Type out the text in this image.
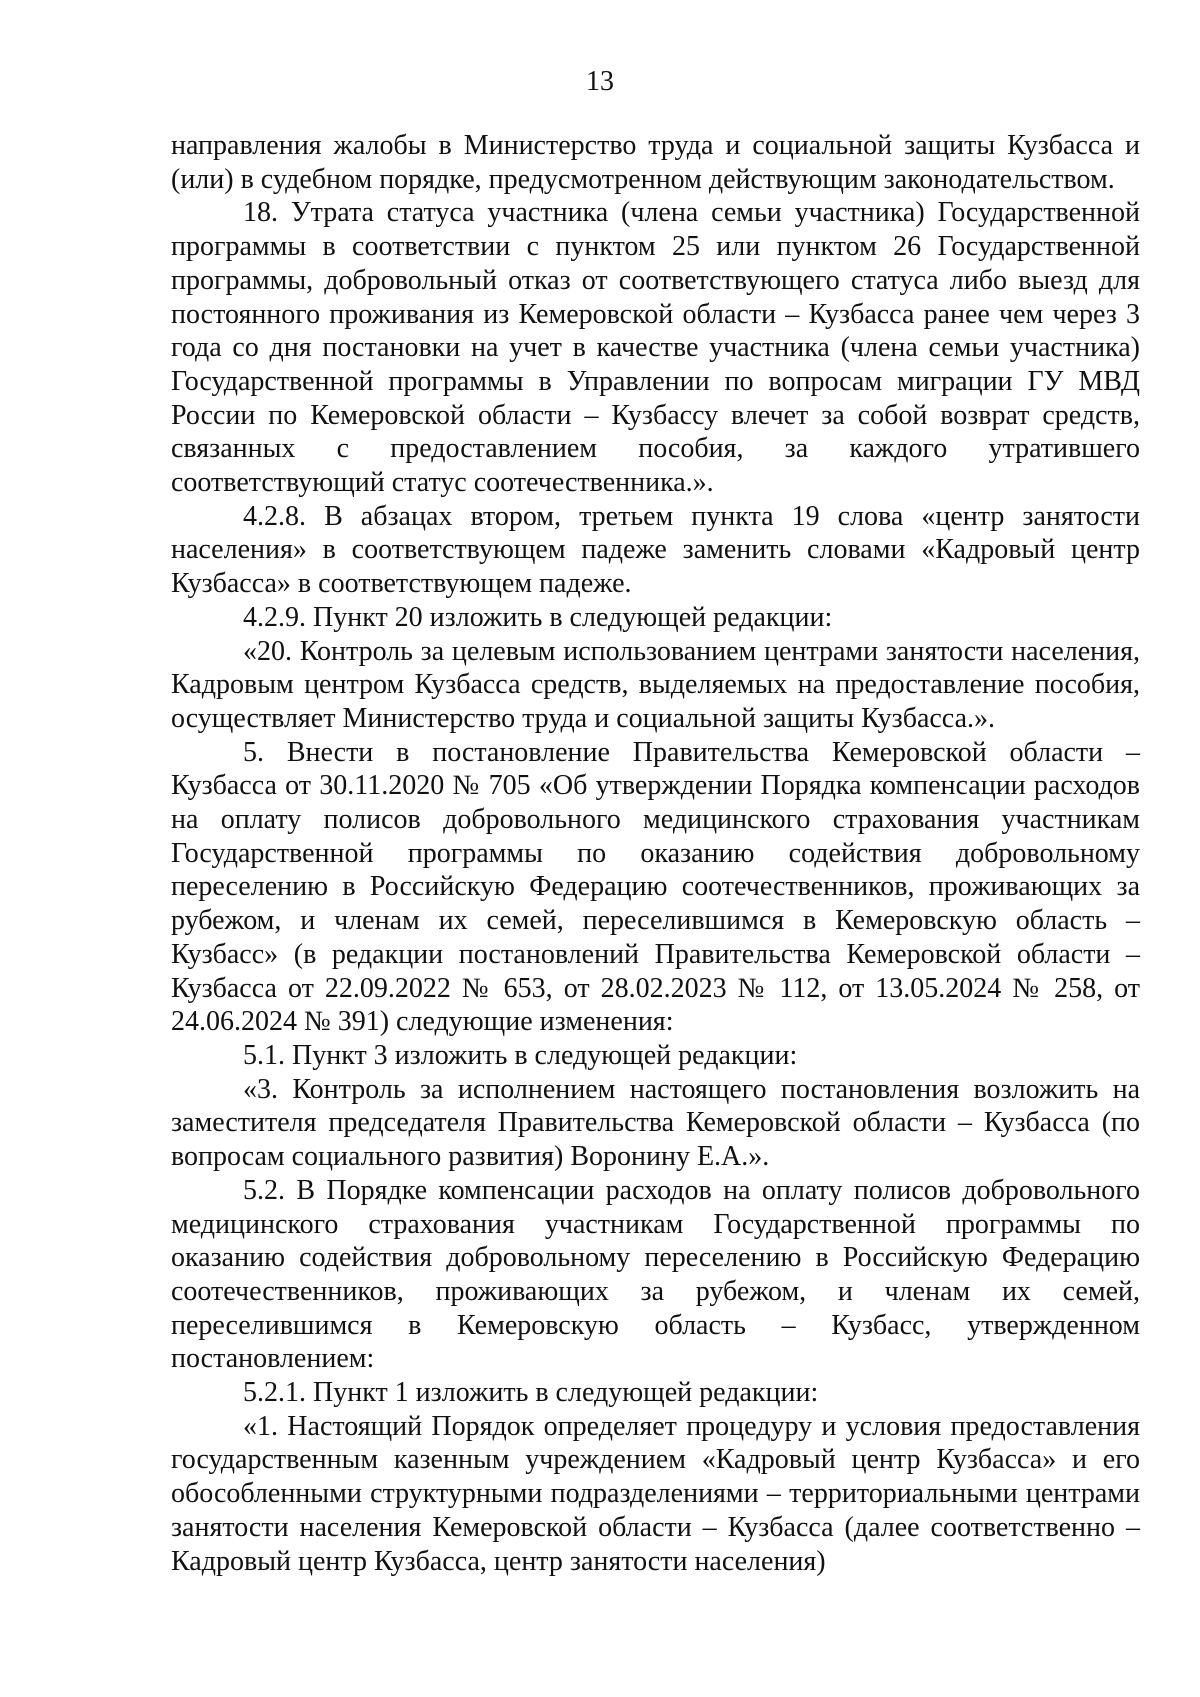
13

направления жалобы в Министерство труда и социальной защиты Кузбасса и (или) в судебном порядке, предусмотренном действующим законодательством.

18. Утрата статуса участника (члена семьи участника) Государственной программы в соответствии с пунктом 25 или пунктом 26 Государственной программы, добровольный отказ от соответствующего статуса либо выезд для постоянного проживания из Кемеровской области – Кузбасса ранее чем через 3 года со дня постановки на учет в качестве участника (члена семьи участника) Государственной программы в Управлении по вопросам миграции ГУ МВД России по Кемеровской области – Кузбассу влечет за собой возврат средств, связанных с предоставлением пособия, за каждого утратившего соответствующий статус соотечественника.».

4.2.8. В абзацах втором, третьем пункта 19 слова «центр занятости населения» в соответствующем падеже заменить словами «Кадровый центр Кузбасса» в соответствующем падеже.

4.2.9. Пункт 20 изложить в следующей редакции:

«20. Контроль за целевым использованием центрами занятости населения, Кадровым центром Кузбасса средств, выделяемых на предоставление пособия, осуществляет Министерство труда и социальной защиты Кузбасса.».

5. Внести в постановление Правительства Кемеровской области – Кузбасса от 30.11.2020 № 705 «Об утверждении Порядка компенсации расходов на оплату полисов добровольного медицинского страхования участникам Государственной программы по оказанию содействия добровольному переселению в Российскую Федерацию соотечественников, проживающих за рубежом, и членам их семей, переселившимся в Кемеровскую область – Кузбасс» (в редакции постановлений Правительства Кемеровской области – Кузбасса от 22.09.2022 № 653, от 28.02.2023 № 112, от 13.05.2024 № 258, от 24.06.2024 № 391) следующие изменения:

5.1. Пункт 3 изложить в следующей редакции:

«3. Контроль за исполнением настоящего постановления возложить на заместителя председателя Правительства Кемеровской области – Кузбасса (по вопросам социального развития) Воронину Е.А.».

5.2. В Порядке компенсации расходов на оплату полисов добровольного медицинского страхования участникам Государственной программы по оказанию содействия добровольному переселению в Российскую Федерацию соотечественников, проживающих за рубежом, и членам их семей, переселившимся в Кемеровскую область – Кузбасс, утвержденном постановлением:

5.2.1. Пункт 1 изложить в следующей редакции:

«1. Настоящий Порядок определяет процедуру и условия предоставления государственным казенным учреждением «Кадровый центр Кузбасса» и его обособленными структурными подразделениями – территориальными центрами занятости населения Кемеровской области – Кузбасса (далее соответственно – Кадровый центр Кузбасса, центр занятости населения)
